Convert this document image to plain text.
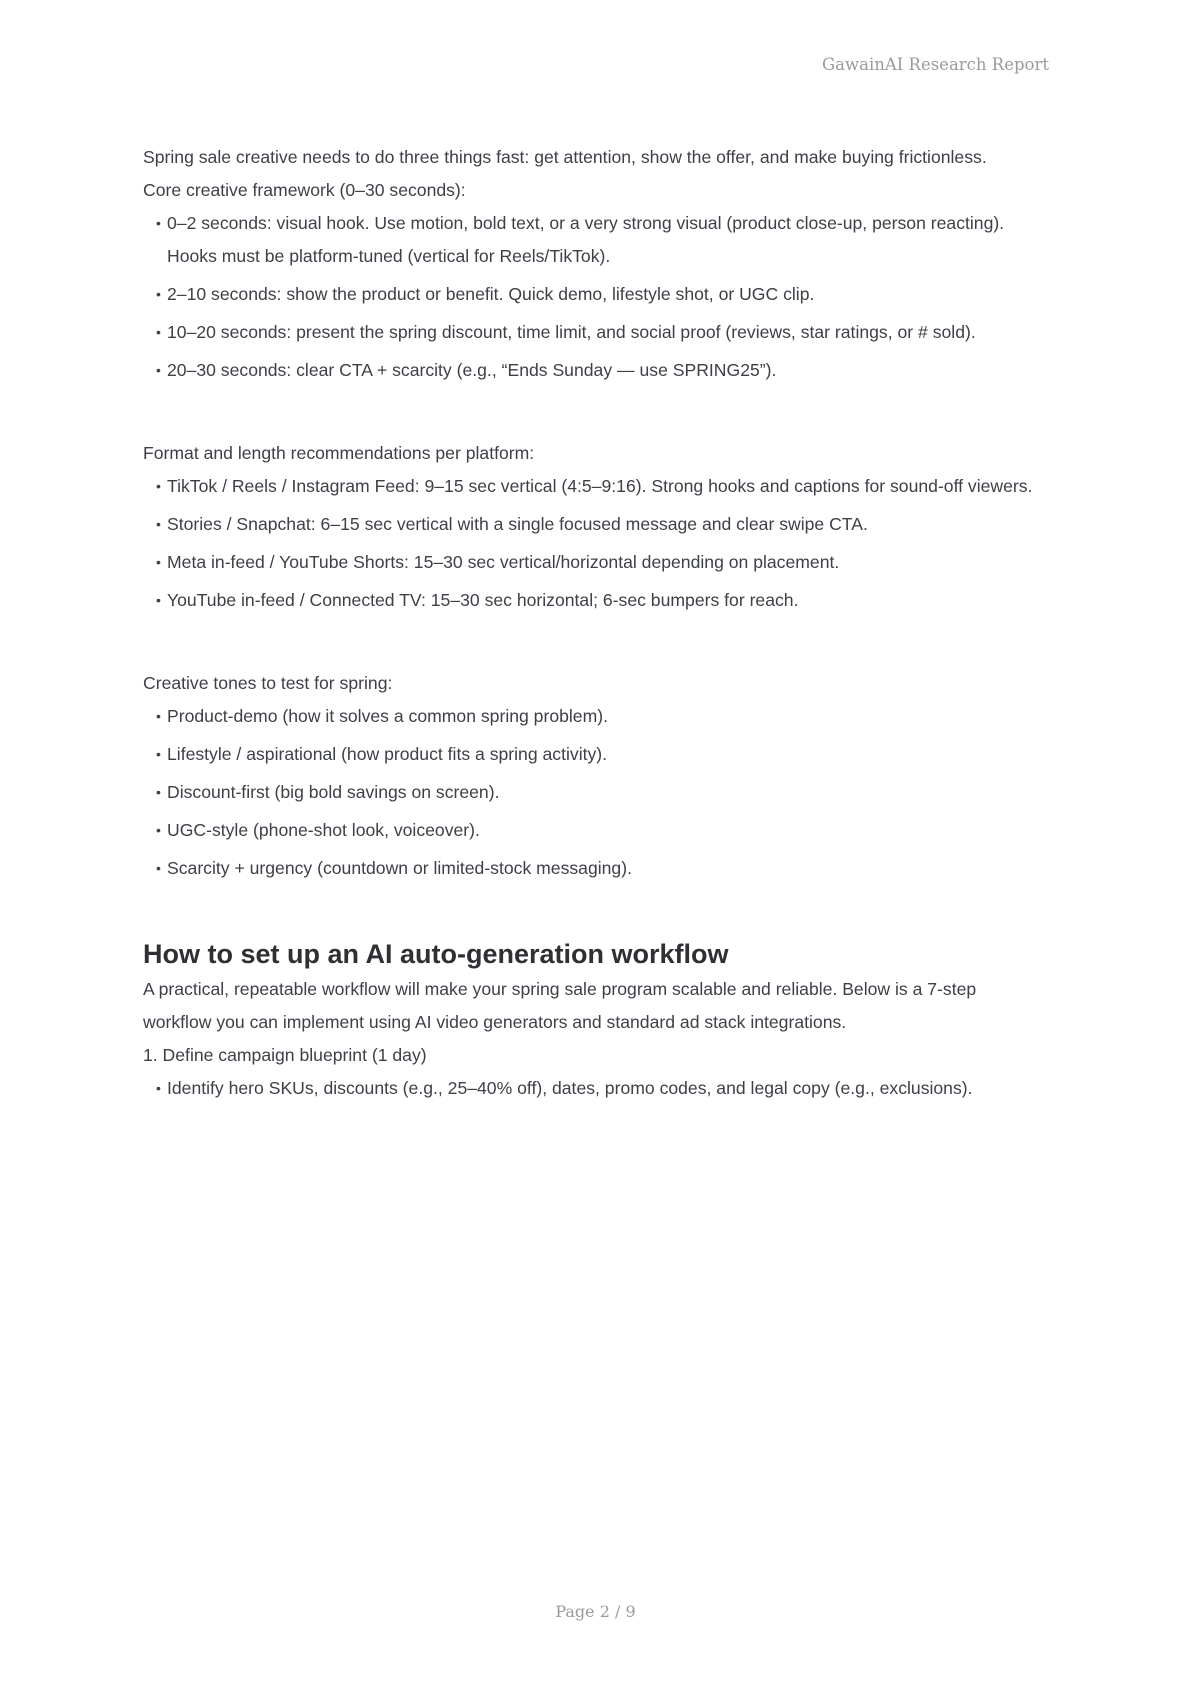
GawainAI Research Report

Spring sale creative needs to do three things fast: get attention, show the offer, and make buying frictionless.

Core creative framework (0–30 seconds):

• 0–2 seconds: visual hook. Use motion, bold text, or a very strong visual (product close-up, person reacting). Hooks must be platform-tuned (vertical for Reels/TikTok).
• 2–10 seconds: show the product or benefit. Quick demo, lifestyle shot, or UGC clip.
• 10–20 seconds: present the spring discount, time limit, and social proof (reviews, star ratings, or # sold).
• 20–30 seconds: clear CTA + scarcity (e.g., “Ends Sunday — use SPRING25”).

Format and length recommendations per platform:

• TikTok / Reels / Instagram Feed: 9–15 sec vertical (4:5–9:16). Strong hooks and captions for sound-off viewers.
• Stories / Snapchat: 6–15 sec vertical with a single focused message and clear swipe CTA.
• Meta in-feed / YouTube Shorts: 15–30 sec vertical/horizontal depending on placement.
• YouTube in-feed / Connected TV: 15–30 sec horizontal; 6-sec bumpers for reach.

Creative tones to test for spring:

• Product-demo (how it solves a common spring problem).
• Lifestyle / aspirational (how product fits a spring activity).
• Discount-first (big bold savings on screen).
• UGC-style (phone-shot look, voiceover).
• Scarcity + urgency (countdown or limited-stock messaging).
How to set up an AI auto-generation workflow

A practical, repeatable workflow will make your spring sale program scalable and reliable. Below is a 7-step workflow you can implement using AI video generators and standard ad stack integrations.

1. Define campaign blueprint (1 day)

• Identify hero SKUs, discounts (e.g., 25–40% off), dates, promo codes, and legal copy (e.g., exclusions).
Page 2 / 9
